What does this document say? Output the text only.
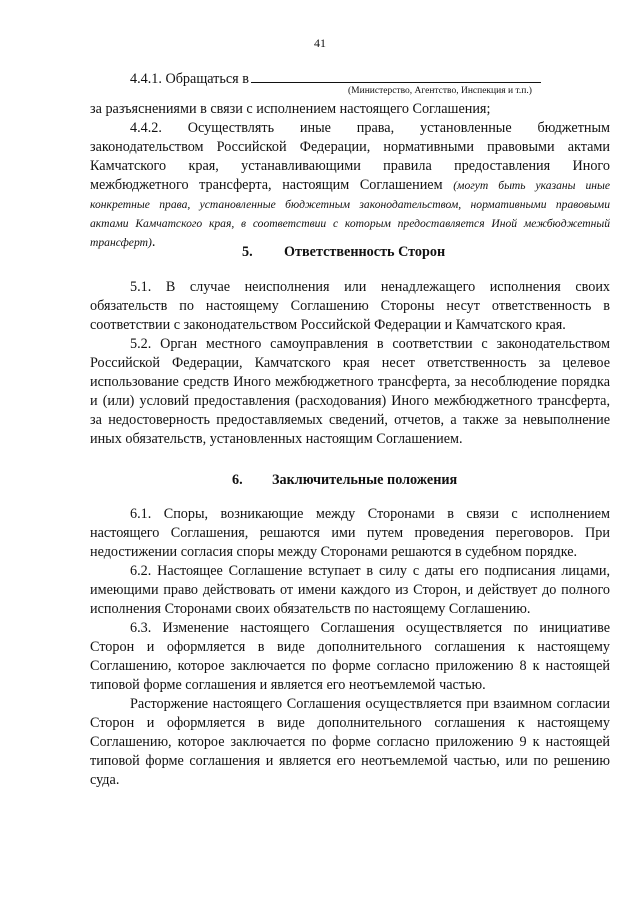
41
4.4.1. Обращаться в
(Министерство, Агентство, Инспекция и т.п.)

за разъяснениями в связи с исполнением настоящего Соглашения;

4.4.2. Осуществлять иные права, установленные бюджетным законодательством Российской Федерации, нормативными правовыми актами Камчатского края, устанавливающими правила предоставления Иного межбюджетного трансферта, настоящим Соглашением (могут быть указаны иные конкретные права, установленные бюджетным законодательством, нормативными правовыми актами Камчатского края, в соответствии с которым предоставляется Иной межбюджетный трансферт).

5. Ответственность Сторон

5.1. В случае неисполнения или ненадлежащего исполнения своих обязательств по настоящему Соглашению Стороны несут ответственность в соответствии с законодательством Российской Федерации и Камчатского края.

5.2. Орган местного самоуправления в соответствии с законодательством Российской Федерации, Камчатского края несет ответственность за целевое использование средств Иного межбюджетного трансферта, за несоблюдение порядка и (или) условий предоставления (расходования) Иного межбюджетного трансферта, за недостоверность предоставляемых сведений, отчетов, а также за невыполнение иных обязательств, установленных настоящим Соглашением.

6. Заключительные положения

6.1. Споры, возникающие между Сторонами в связи с исполнением настоящего Соглашения, решаются ими путем проведения переговоров. При недостижении согласия споры между Сторонами решаются в судебном порядке.

6.2. Настоящее Соглашение вступает в силу с даты его подписания лицами, имеющими право действовать от имени каждого из Сторон, и действует до полного исполнения Сторонами своих обязательств по настоящему Соглашению.

6.3. Изменение настоящего Соглашения осуществляется по инициативе Сторон и оформляется в виде дополнительного соглашения к настоящему Соглашению, которое заключается по форме согласно приложению 8 к настоящей типовой форме соглашения и является его неотъемлемой частью.

Расторжение настоящего Соглашения осуществляется при взаимном согласии Сторон и оформляется в виде дополнительного соглашения к настоящему Соглашению, которое заключается по форме согласно приложению 9 к настоящей типовой форме соглашения и является его неотъемлемой частью, или по решению суда.
